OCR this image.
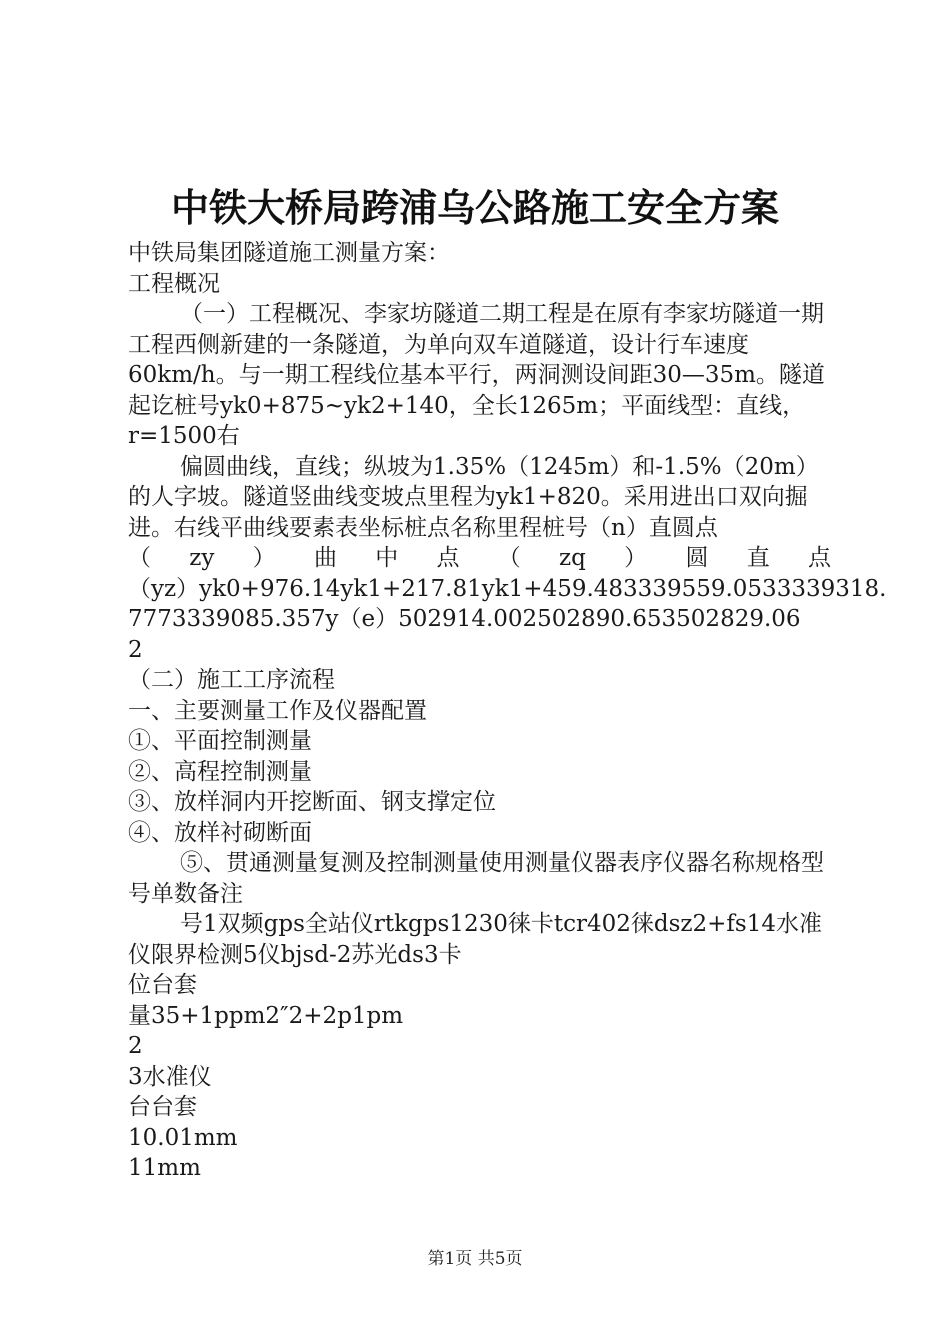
中铁大桥局跨浦乌公路施工安全方案

中铁局集团隧道施工测量方案：

工程概况

（一）工程概况、李家坊隧道二期工程是在原有李家坊隧道一期工程西侧新建的一条隧道，为单向双车道隧道，设计行车速度60km/h。与一期工程线位基本平行，两洞测设间距30—35m。隧道起讫桩号yk0+875~yk2+140，全长1265m；平面线型：直线，r=1500右

偏圆曲线，直线；纵坡为1.35%（1245m）和-1.5%（20m）的人字坡。隧道竖曲线变坡点里程为yk1+820。采用进出口双向掘进。右线平曲线要素表坐标桩点名称里程桩号（n）直圆点

（zy）曲中点（zq）圆直点

（yz）yk0+976.14yk1+217.81yk1+459.483339559.0533339318.

7773339085.357y（e）502914.002502890.653502829.06

2

（二）施工工序流程

一、主要测量工作及仪器配置

①、平面控制测量

②、高程控制测量

③、放样洞内开挖断面、钢支撑定位

④、放样衬砌断面

⑤、贯通测量复测及控制测量使用测量仪器表序仪器名称规格型号单数备注

号1双频gps全站仪rtkgps1230徕卡tcr402徕dsz2+fs14水准仪限界检测5仪bjsd-2苏光ds3卡

位台套

量35+1ppm2″2+2p1pm

2

3水准仪

台台套

10.01mm

11mm

第1页 共5页
